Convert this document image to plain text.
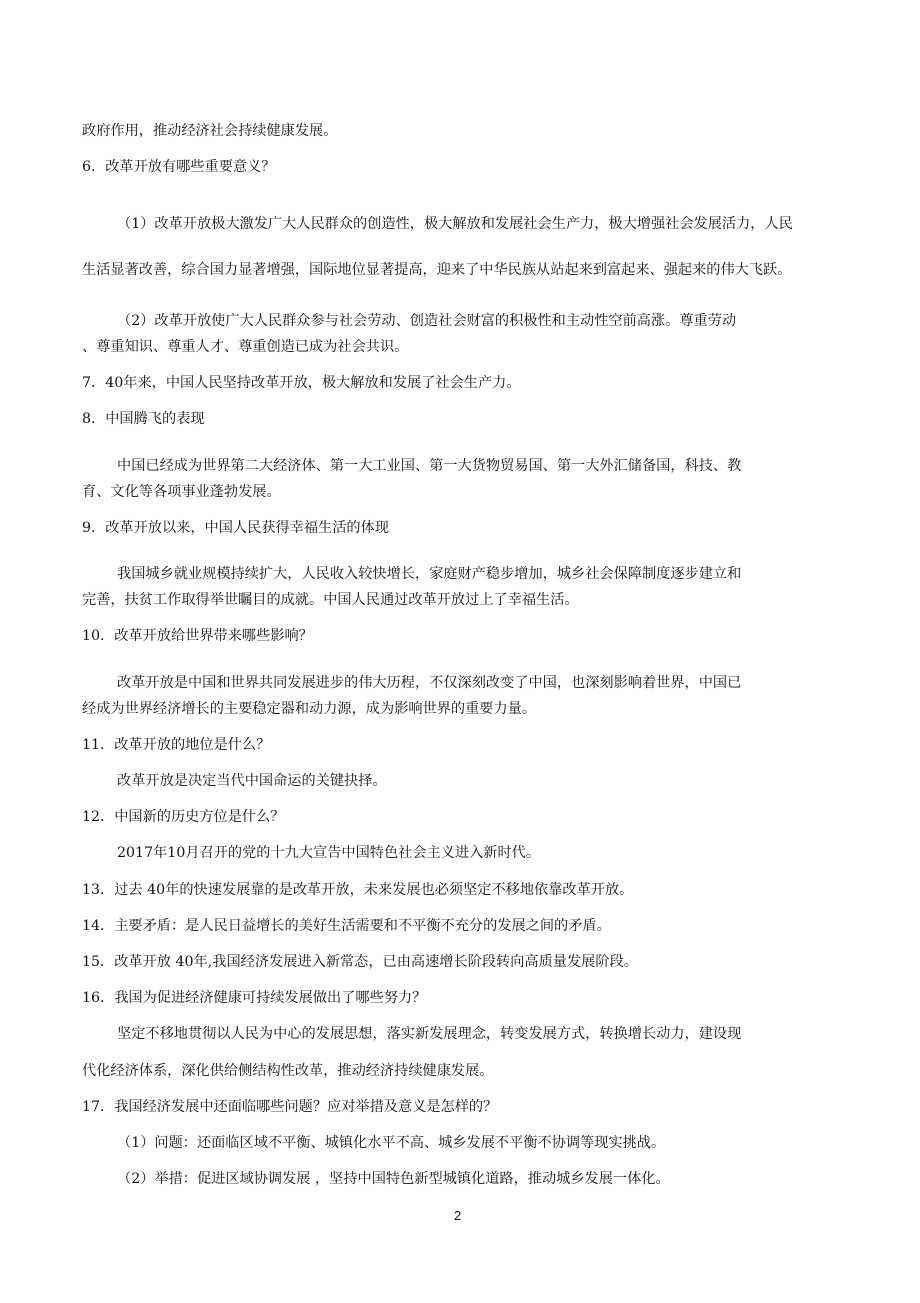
政府作用，推动经济社会持续健康发展。
6．改革开放有哪些重要意义？
（1）改革开放极大激发广大人民群众的创造性，极大解放和发展社会生产力，极大增强社会发展活力，人民
生活显著改善，综合国力显著增强，国际地位显著提高，迎来了中华民族从站起来到富起来、强起来的伟大飞跃。
（2）改革开放使广大人民群众参与社会劳动、创造社会财富的积极性和主动性空前高涨。尊重劳动
、尊重知识、尊重人才、尊重创造已成为社会共识。
7．40年来，中国人民坚持改革开放，极大解放和发展了社会生产力。
8．中国腾飞的表现
中国已经成为世界第二大经济体、第一大工业国、第一大货物贸易国、第一大外汇储备国，科技、教
育、文化等各项事业蓬勃发展。
9．改革开放以来，中国人民获得幸福生活的体现
我国城乡就业规模持续扩大，人民收入较快增长，家庭财产稳步增加，城乡社会保障制度逐步建立和
完善，扶贫工作取得举世瞩目的成就。中国人民通过改革开放过上了幸福生活。
10．改革开放给世界带来哪些影响？
改革开放是中国和世界共同发展进步的伟大历程，不仅深刻改变了中国，也深刻影响着世界，中国已
经成为世界经济增长的主要稳定器和动力源，成为影响世界的重要力量。
11．改革开放的地位是什么？
改革开放是决定当代中国命运的关键抉择。
12．中国新的历史方位是什么？
2017年10月召开的党的十九大宣告中国特色社会主义进入新时代。
13．过去 40年的快速发展靠的是改革开放，未来发展也必须坚定不移地依靠改革开放。
14．主要矛盾：是人民日益增长的美好生活需要和不平衡不充分的发展之间的矛盾。
15．改革开放 40年,我国经济发展进入新常态，已由高速增长阶段转向高质量发展阶段。
16．我国为促进经济健康可持续发展做出了哪些努力？
坚定不移地贯彻以人民为中心的发展思想，落实新发展理念，转变发展方式，转换增长动力，建设现
代化经济体系，深化供给侧结构性改革，推动经济持续健康发展。
17．我国经济发展中还面临哪些问题？应对举措及意义是怎样的？
（1）问题：还面临区域不平衡、城镇化水平不高、城乡发展不平衡不协调等现实挑战。
（2）举措：促进区域协调发展 ，坚持中国特色新型城镇化道路，推动城乡发展一体化。
2
